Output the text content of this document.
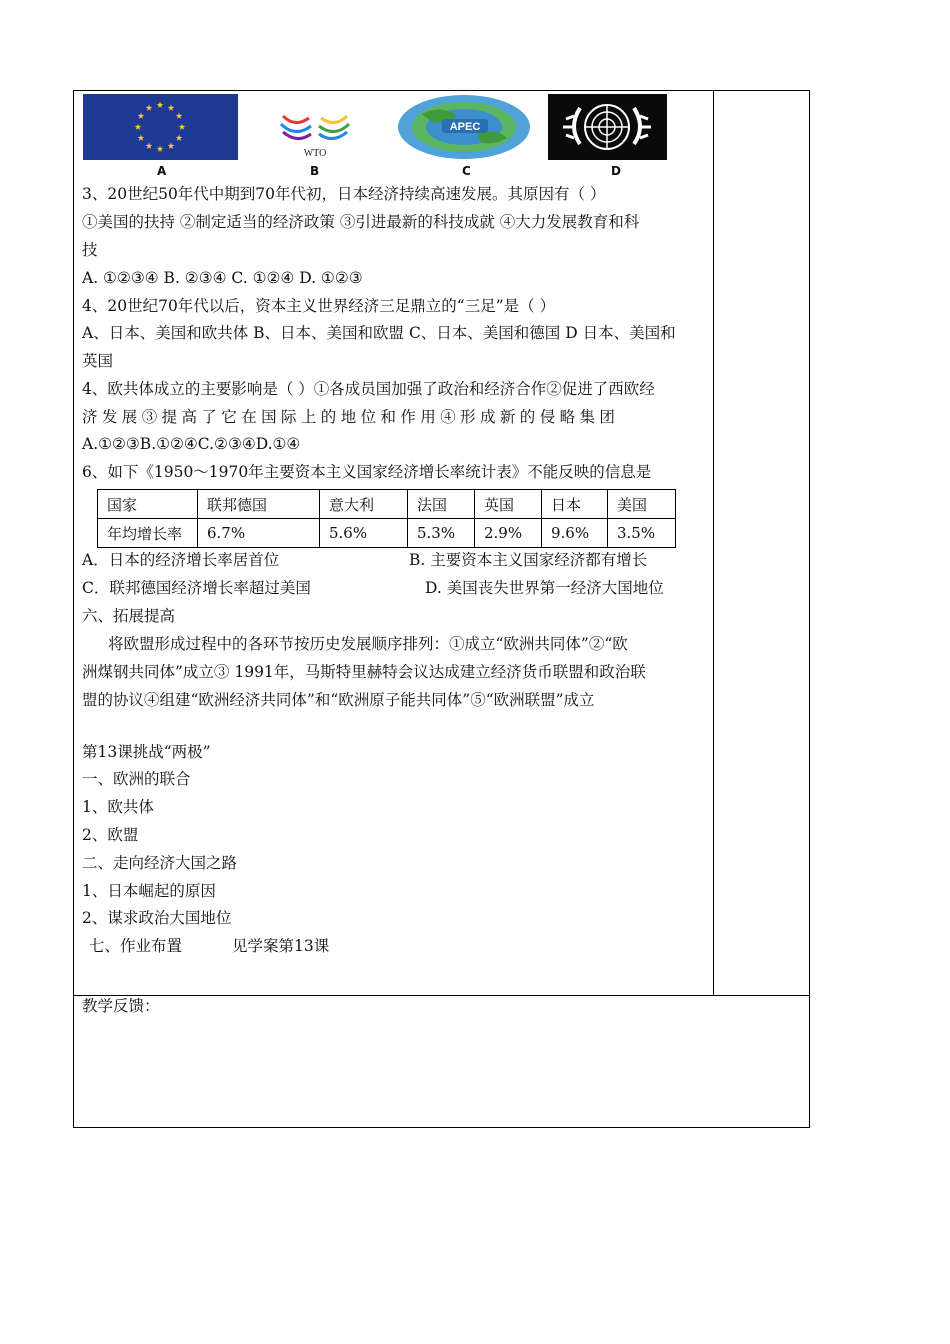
WTO
APEC
A	B	C	D
3、20世纪50年代中期到70年代初，日本经济持续高速发展。其原因有（ ）
①美国的扶持 ②制定适当的经济政策 ③引进最新的科技成就 ④大力发展教育和科
技
A. ①②③④ B. ②③④ C. ①②④ D. ①②③
4、20世纪70年代以后，资本主义世界经济三足鼎立的“三足”是（ ）
A、日本、美国和欧共体 B、日本、美国和欧盟 C、日本、美国和德国 D 日本、美国和
英国
4、欧共体成立的主要影响是（ ）①各成员国加强了政治和经济合作②促进了西欧经
济发展③提高了它在国际上的地位和作用④形成新的侵略集团
A.①②③B.①②④C.②③④D.①④
6、如下《1950～1970年主要资本主义国家经济增长率统计表》不能反映的信息是
国家	联邦德国	意大利	法国	英国	日本	美国
年均增长率	6.7%	5.6%	5.3%	2.9%	9.6%	3.5%
A．日本的经济增长率居首位	B. 主要资本主义国家经济都有增长
C．联邦德国经济增长率超过美国	D. 美国丧失世界第一经济大国地位
六、拓展提高
将欧盟形成过程中的各环节按历史发展顺序排列：①成立“欧洲共同体”②“欧
洲煤钢共同体”成立③ 1991年，马斯特里赫特会议达成建立经济货币联盟和政治联
盟的协议④组建“欧洲经济共同体”和“欧洲原子能共同体”⑤“欧洲联盟”成立
第13课挑战“两极”
一、欧洲的联合
1、欧共体
2、欧盟
二、走向经济大国之路
1、日本崛起的原因
2、谋求政治大国地位
七、作业布置	见学案第13课
教学反馈：
